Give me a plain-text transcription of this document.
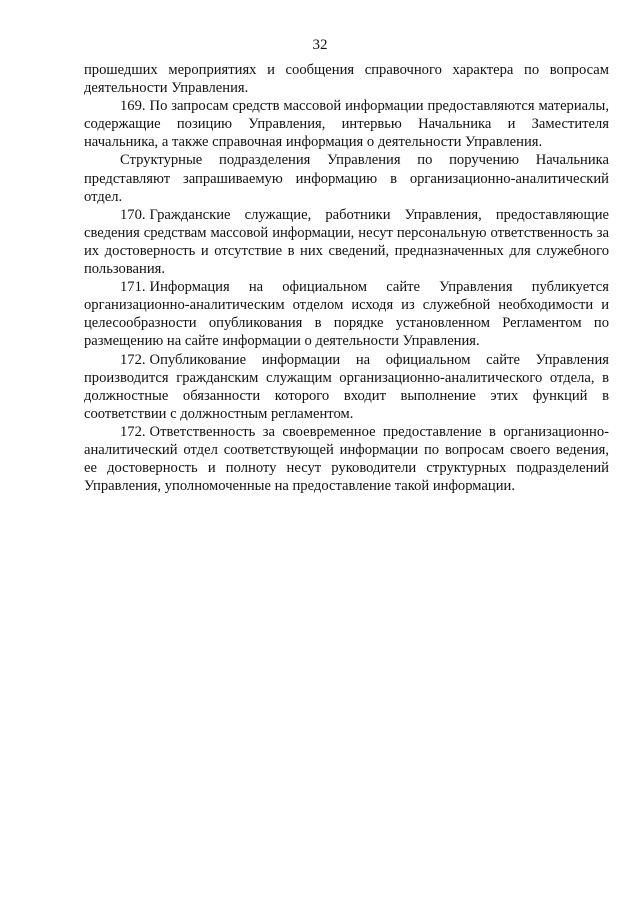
32

прошедших мероприятиях и сообщения справочного характера по вопросам деятельности Управления.

169. По запросам средств массовой информации предоставляются материалы, содержащие позицию Управления, интервью Начальника и Заместителя начальника, а также справочная информация о деятельности Управления.

Структурные подразделения Управления по поручению Начальника представляют запрашиваемую информацию в организационно-аналитический отдел.

170. Гражданские служащие, работники Управления, предоставляющие сведения средствам массовой информации, несут персональную ответственность за их достоверность и отсутствие в них сведений, предназначенных для служебного пользования.

171. Информация на официальном сайте Управления публикуется организационно-аналитическим отделом исходя из служебной необходимости и целесообразности опубликования в порядке установленном Регламентом по размещению на сайте информации о деятельности Управления.

172. Опубликование информации на официальном сайте Управления производится гражданским служащим организационно-аналитического отдела, в должностные обязанности которого входит выполнение этих функций в соответствии с должностным регламентом.

172. Ответственность за своевременное предоставление в организационно-аналитический отдел соответствующей информации по вопросам своего ведения, ее достоверность и полноту несут руководители структурных подразделений Управления, уполномоченные на предоставление такой информации.
